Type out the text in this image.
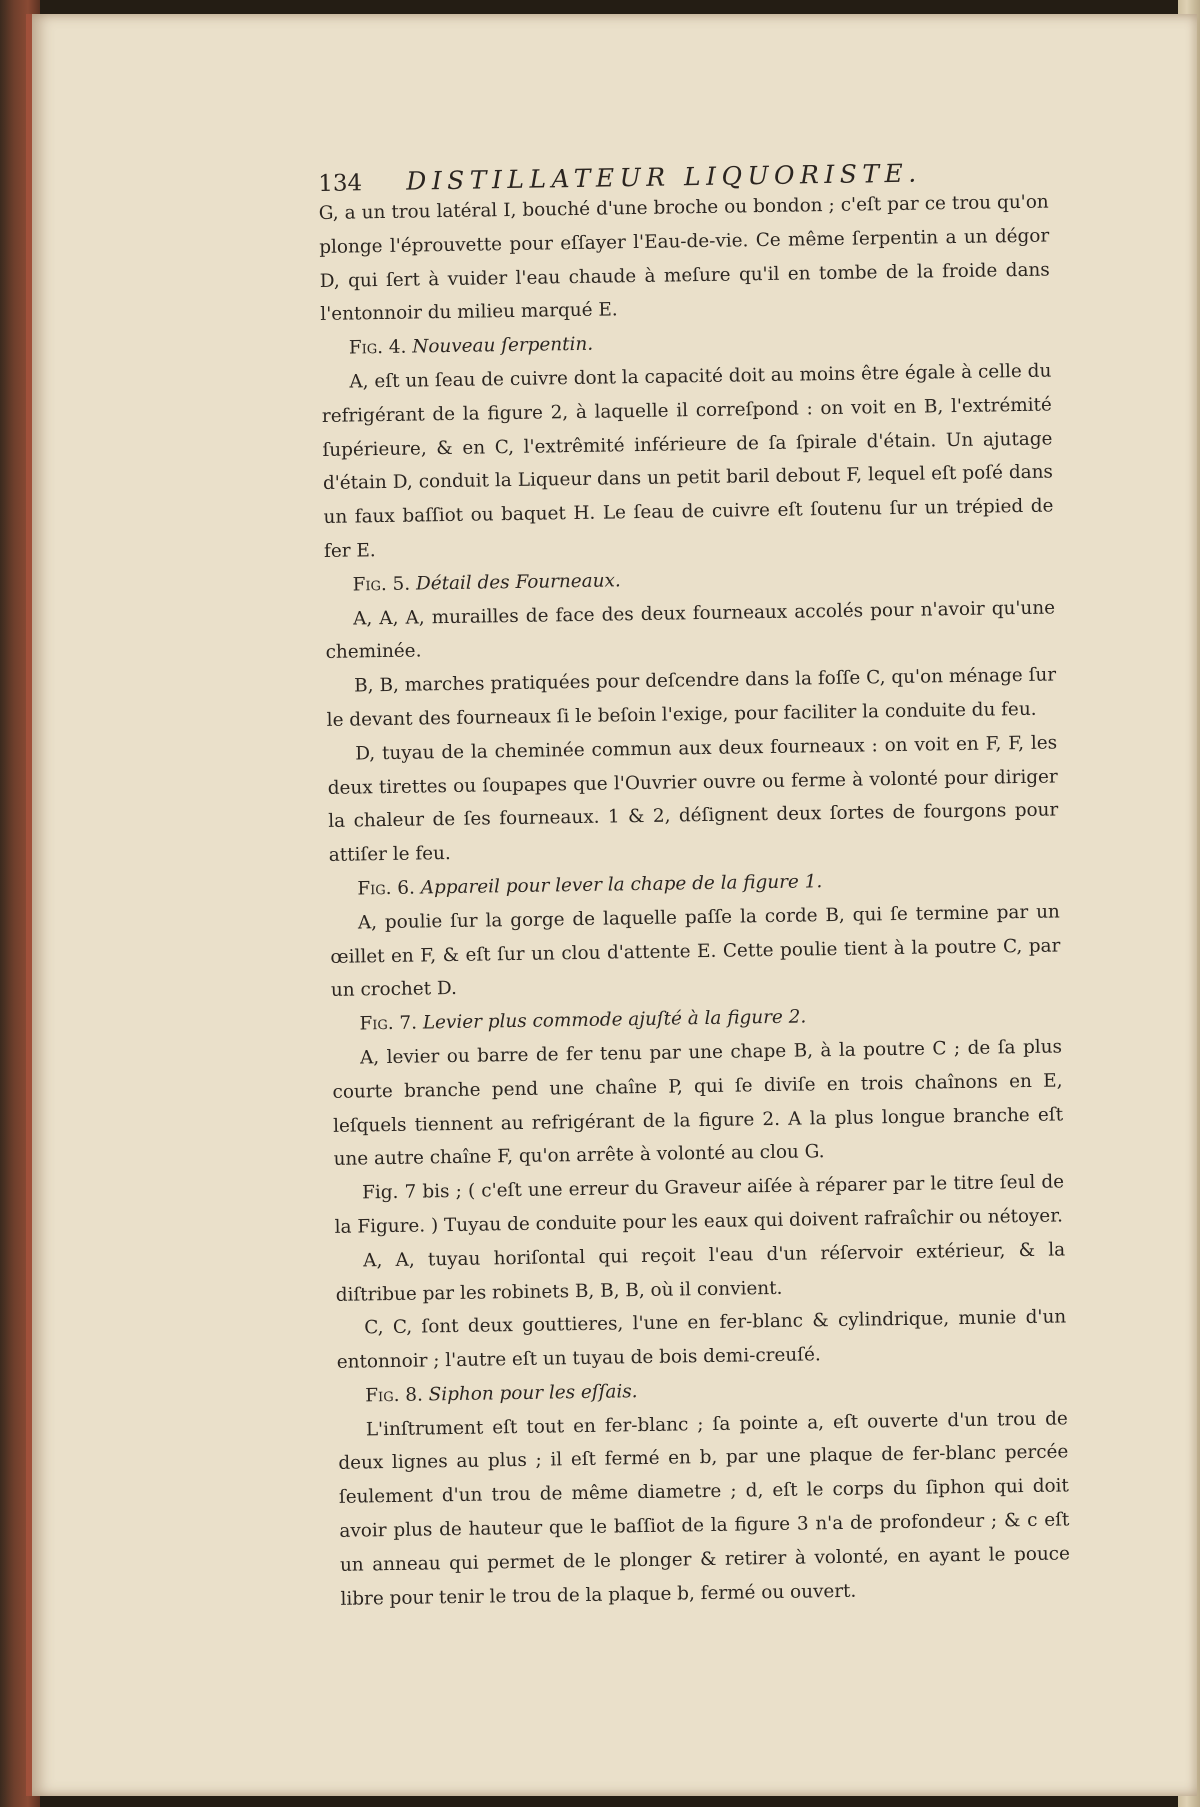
134	DISTILLATEUR LIQUORISTE.

G, a un trou latéral I, bouché d'une broche ou bondon ; c'eſt par ce trou qu'on plonge l'éprouvette pour eſſayer l'Eau-de-vie. Ce même ſerpentin a un dégor D, qui ſert à vuider l'eau chaude à meſure qu'il en tombe de la froide dans l'entonnoir du milieu marqué E.

Fig. 4. Nouveau ſerpentin.

A, eſt un ſeau de cuivre dont la capacité doit au moins être égale à celle du refrigérant de la figure 2, à laquelle il correſpond : on voit en B, l'extrémité ſupérieure, & en C, l'extrêmité inférieure de ſa ſpirale d'étain. Un ajutage d'étain D, conduit la Liqueur dans un petit baril debout F, lequel eſt poſé dans un faux baſſiot ou baquet H. Le ſeau de cuivre eſt ſoutenu ſur un trépied de fer E.

Fig. 5. Détail des Fourneaux.

A, A, A, murailles de face des deux fourneaux accolés pour n'avoir qu'une cheminée.

B, B, marches pratiquées pour deſcendre dans la foſſe C, qu'on ménage ſur le devant des fourneaux ſi le beſoin l'exige, pour faciliter la conduite du feu.

D, tuyau de la cheminée commun aux deux fourneaux : on voit en F, F, les deux tirettes ou ſoupapes que l'Ouvrier ouvre ou ferme à volonté pour diriger la chaleur de ſes fourneaux. 1 & 2, déſignent deux ſortes de fourgons pour attiſer le feu.

Fig. 6. Appareil pour lever la chape de la figure 1.

A, poulie ſur la gorge de laquelle paſſe la corde B, qui ſe termine par un œillet en F, & eſt ſur un clou d'attente E. Cette poulie tient à la poutre C, par un crochet D.

Fig. 7. Levier plus commode ajuſté à la figure 2.

A, levier ou barre de fer tenu par une chape B, à la poutre C ; de ſa plus courte branche pend une chaîne P, qui ſe diviſe en trois chaînons en E, leſquels tiennent au refrigérant de la figure 2. A la plus longue branche eſt une autre chaîne F, qu'on arrête à volonté au clou G.

Fig. 7 bis ; ( c'eſt une erreur du Graveur aiſée à réparer par le titre ſeul de la Figure. ) Tuyau de conduite pour les eaux qui doivent rafraîchir ou nétoyer.

A, A, tuyau horiſontal qui reçoit l'eau d'un réſervoir extérieur, & la diſtribue par les robinets B, B, B, où il convient.

C, C, ſont deux gouttieres, l'une en fer-blanc & cylindrique, munie d'un entonnoir ; l'autre eſt un tuyau de bois demi-creuſé.

Fig. 8. Siphon pour les eſſais.

L'inſtrument eſt tout en fer-blanc ; ſa pointe a, eſt ouverte d'un trou de deux lignes au plus ; il eſt fermé en b, par une plaque de fer-blanc percée ſeulement d'un trou de même diametre ; d, eſt le corps du ſiphon qui doit avoir plus de hauteur que le baſſiot de la figure 3 n'a de profondeur ; & c eſt un anneau qui permet de le plonger & retirer à volonté, en ayant le pouce libre pour tenir le trou de la plaque b, fermé ou ouvert.
